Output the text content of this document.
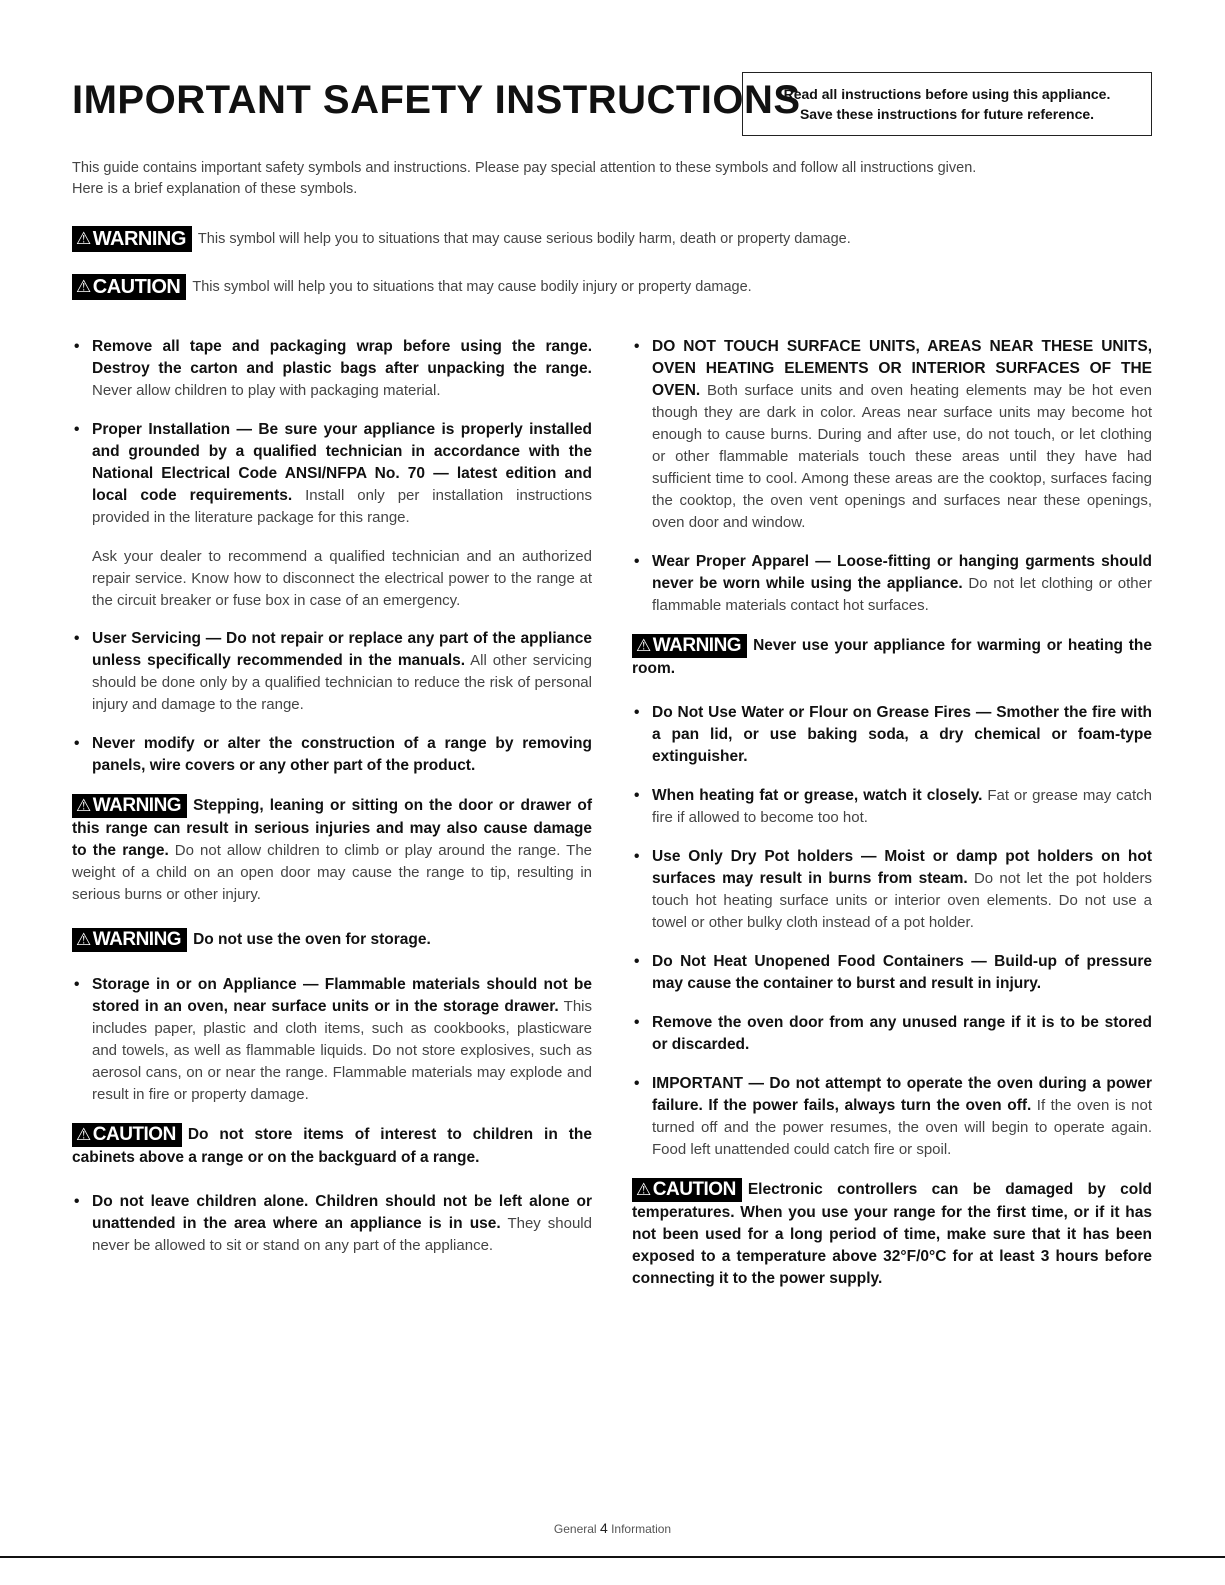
IMPORTANT SAFETY INSTRUCTIONS
Read all instructions before using this appliance.
Save these instructions for future reference.

This guide contains important safety symbols and instructions. Please pay special attention to these symbols and follow all instructions given.
Here is a brief explanation of these symbols.

⚠ WARNING This symbol will help you to situations that may cause serious bodily harm, death or property damage.
⚠ CAUTION This symbol will help you to situations that may cause bodily injury or property damage.
• Remove all tape and packaging wrap before using the range. Destroy the carton and plastic bags after unpacking the range. Never allow children to play with packaging material.
• Proper Installation — Be sure your appliance is properly installed and grounded by a qualified technician in accordance with the National Electrical Code ANSI/NFPA No. 70 — latest edition and local code requirements. Install only per installation instructions provided in the literature package for this range.
Ask your dealer to recommend a qualified technician and an authorized repair service. Know how to disconnect the electrical power to the range at the circuit breaker or fuse box in case of an emergency.
• User Servicing — Do not repair or replace any part of the appliance unless specifically recommended in the manuals. All other servicing should be done only by a qualified technician to reduce the risk of personal injury and damage to the range.
• Never modify or alter the construction of a range by removing panels, wire covers or any other part of the product.
⚠ WARNING Stepping, leaning or sitting on the door or drawer of this range can result in serious injuries and may also cause damage to the range. Do not allow children to climb or play around the range. The weight of a child on an open door may cause the range to tip, resulting in serious burns or other injury.
⚠ WARNING Do not use the oven for storage.
• Storage in or on Appliance — Flammable materials should not be stored in an oven, near surface units or in the storage drawer. This includes paper, plastic and cloth items, such as cookbooks, plasticware and towels, as well as flammable liquids. Do not store explosives, such as aerosol cans, on or near the range. Flammable materials may explode and result in fire or property damage.
⚠ CAUTION Do not store items of interest to children in the cabinets above a range or on the backguard of a range.
• Do not leave children alone. Children should not be left alone or unattended in the area where an appliance is in use. They should never be allowed to sit or stand on any part of the appliance.
• DO NOT TOUCH SURFACE UNITS, AREAS NEAR THESE UNITS, OVEN HEATING ELEMENTS OR INTERIOR SURFACES OF THE OVEN. Both surface units and oven heating elements may be hot even though they are dark in color. Areas near surface units may become hot enough to cause burns. During and after use, do not touch, or let clothing or other flammable materials touch these areas until they have had sufficient time to cool. Among these areas are the cooktop, surfaces facing the cooktop, the oven vent openings and surfaces near these openings, oven door and window.
• Wear Proper Apparel — Loose-fitting or hanging garments should never be worn while using the appliance. Do not let clothing or other flammable materials contact hot surfaces.
⚠ WARNING Never use your appliance for warming or heating the room.
• Do Not Use Water or Flour on Grease Fires — Smother the fire with a pan lid, or use baking soda, a dry chemical or foam-type extinguisher.
• When heating fat or grease, watch it closely. Fat or grease may catch fire if allowed to become too hot.
• Use Only Dry Pot holders — Moist or damp pot holders on hot surfaces may result in burns from steam. Do not let the pot holders touch hot heating surface units or interior oven elements. Do not use a towel or other bulky cloth instead of a pot holder.
• Do Not Heat Unopened Food Containers — Build-up of pressure may cause the container to burst and result in injury.
• Remove the oven door from any unused range if it is to be stored or discarded.
• IMPORTANT — Do not attempt to operate the oven during a power failure. If the power fails, always turn the oven off. If the oven is not turned off and the power resumes, the oven will begin to operate again. Food left unattended could catch fire or spoil.
⚠ CAUTION Electronic controllers can be damaged by cold temperatures. When you use your range for the first time, or if it has not been used for a long period of time, make sure that it has been exposed to a temperature above 32°F/0°C for at least 3 hours before connecting it to the power supply.
General 4 Information
